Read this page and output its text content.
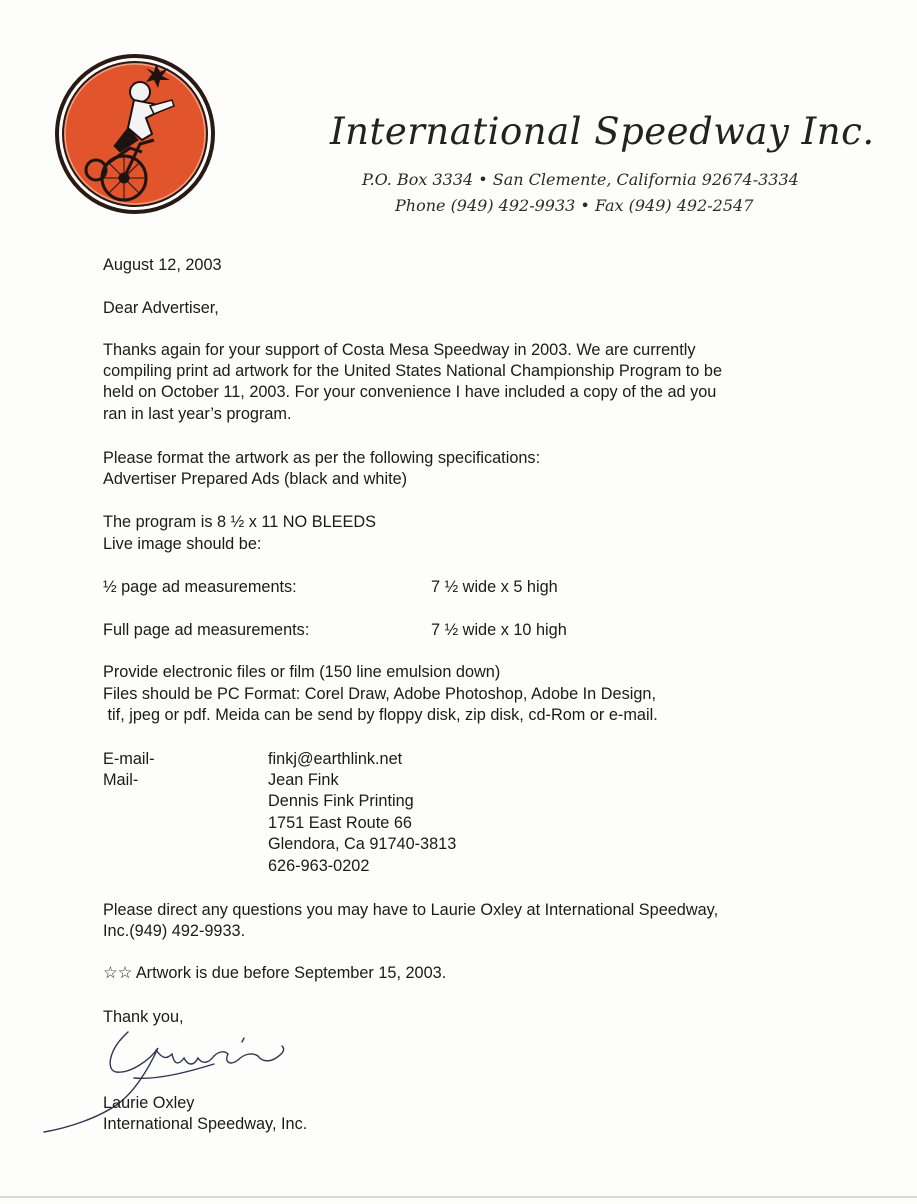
International Speedway Inc.
P.O. Box 3334 • San Clemente, California 92674-3334
Phone (949) 492-9933 • Fax (949) 492-2547
August 12, 2003
Dear Advertiser,
Thanks again for your support of Costa Mesa Speedway in 2003. We are currently
compiling print ad artwork for the United States National Championship Program to be
held on October 11, 2003. For your convenience I have included a copy of the ad you
ran in last year’s program.
Please format the artwork as per the following specifications:
Advertiser Prepared Ads (black and white)
The program is 8 ½ x 11 NO BLEEDS
Live image should be:
½ page ad measurements:	7 ½ wide x 5 high
Full page ad measurements:	7 ½ wide x 10 high
Provide electronic files or film (150 line emulsion down)
Files should be PC Format: Corel Draw, Adobe Photoshop, Adobe In Design,
tif, jpeg or pdf. Meida can be send by floppy disk, zip disk, cd-Rom or e-mail.
E-mail-	finkj@earthlink.net
Mail-	Jean Fink
Dennis Fink Printing
1751 East Route 66
Glendora, Ca 91740-3813
626-963-0202
Please direct any questions you may have to Laurie Oxley at International Speedway,
Inc.(949) 492-9933.
☆☆ Artwork is due before September 15, 2003.
Thank you,
Laurie Oxley
International Speedway, Inc.
